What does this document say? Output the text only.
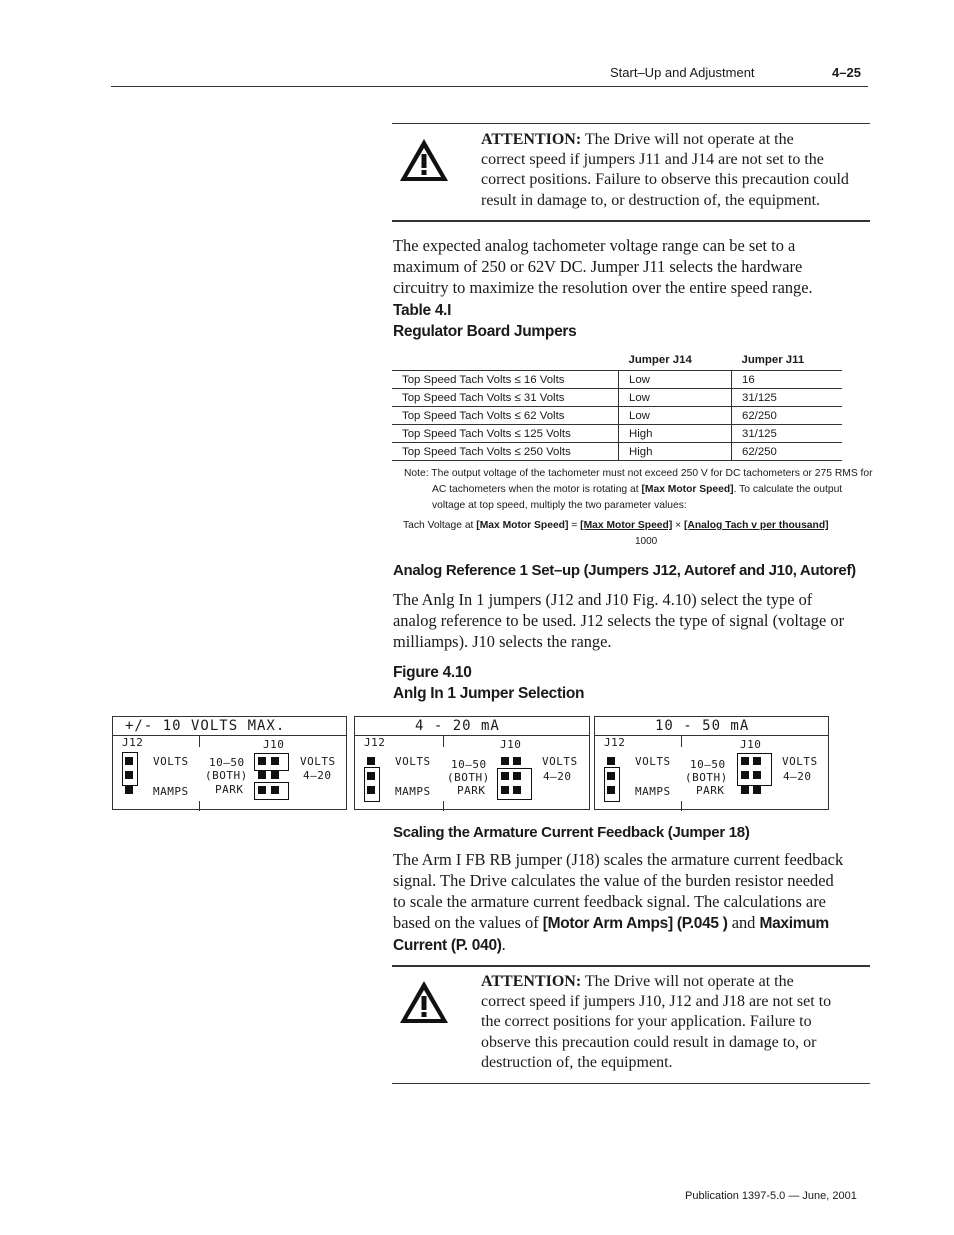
Start–Up and Adjustment	4–25
ATTENTION: The Drive will not operate at the
correct speed if jumpers J11 and J14 are not set to the
correct positions. Failure to observe this precaution could
result in damage to, or destruction of, the equipment.
The expected analog tachometer voltage range can be set to a
maximum of 250 or 62V DC. Jumper J11 selects the hardware
circuitry to maximize the resolution over the entire speed range.
Table 4.I
Regulator Board Jumpers
	Jumper J14	Jumper J11
Top Speed Tach Volts ≤ 16 Volts	Low	16
Top Speed Tach Volts ≤ 31 Volts	Low	31/125
Top Speed Tach Volts ≤ 62 Volts	Low	62/250
Top Speed Tach Volts ≤ 125 Volts	High	31/125
Top Speed Tach Volts ≤ 250 Volts	High	62/250
Note: The output voltage of the tachometer must not exceed 250 V for DC tachometers or 275 RMS for
AC tachometers when the motor is rotating at [Max Motor Speed]. To calculate the output
voltage at top speed, multiply the two parameter values:
Tach Voltage at [Max Motor Speed] = [Max Motor Speed] × [Analog Tach v per thousand]
1000
Analog Reference 1 Set–up (Jumpers J12, Autoref and J10, Autoref)
The Anlg In 1 jumpers (J12 and J10 Fig. 4.10) select the type of
analog reference to be used. J12 selects the type of signal (voltage or
milliamps). J10 selects the range.
Figure 4.10
Anlg In 1 Jumper Selection
+/- 10 VOLTS MAX.
J12	J10
VOLTS
MAMPS
10–50
(BOTH)
PARK
VOLTS
4–20
4 - 20 mA
J12	J10
VOLTS
MAMPS
10–50
(BOTH)
PARK
VOLTS
4–20
10 - 50 mA
J12	J10
VOLTS
MAMPS
10–50
(BOTH)
PARK
VOLTS
4–20
Scaling the Armature Current Feedback (Jumper 18)
The Arm I FB RB jumper (J18) scales the armature current feedback
signal. The Drive calculates the value of the burden resistor needed
to scale the armature current feedback signal. The calculations are
based on the values of [Motor Arm Amps] (P.045 ) and Maximum
Current (P. 040).
ATTENTION: The Drive will not operate at the
correct speed if jumpers J10, J12 and J18 are not set to
the correct positions for your application. Failure to
observe this precaution could result in damage to, or
destruction of, the equipment.
Publication 1397-5.0 — June, 2001
